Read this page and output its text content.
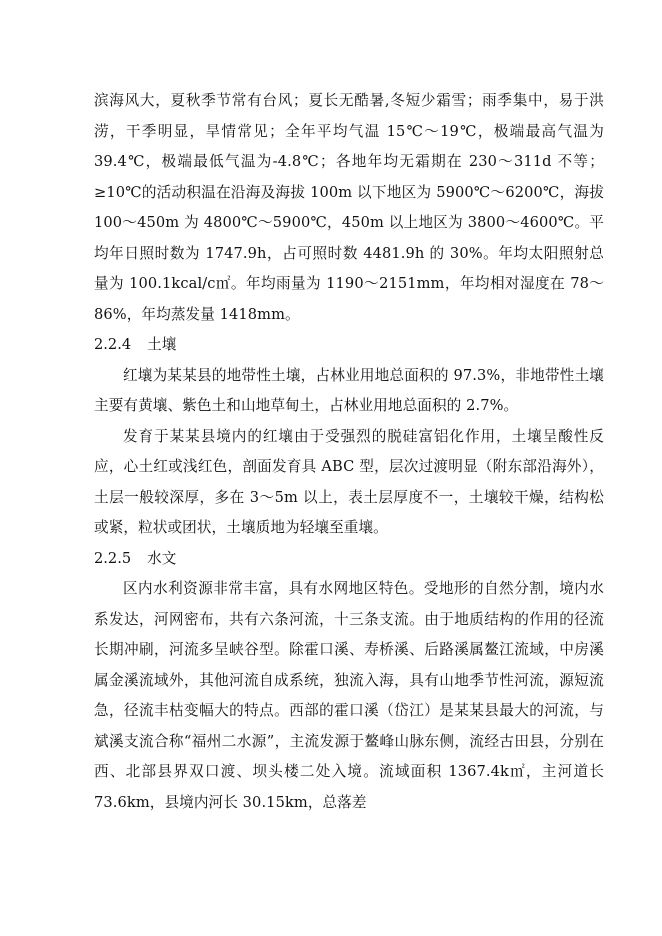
滨海风大，夏秋季节常有台风；夏长无酷暑,冬短少霜雪；雨季集中，易于洪涝，干季明显，旱情常见；全年平均气温 15℃～19℃，极端最高气温为 39.4℃，极端最低气温为-4.8℃；各地年均无霜期在 230～311d 不等；≥10℃的活动积温在沿海及海拔 100m 以下地区为 5900℃～6200℃，海拔 100～450m 为 4800℃～5900℃，450m 以上地区为 3800～4600℃。平均年日照时数为 1747.9h，占可照时数 4481.9h 的 30%。年均太阳照射总量为 100.1kcal/c㎡。年均雨量为 1190～2151mm，年均相对湿度在 78～86%，年均蒸发量 1418mm。

2.2.4 土壤

红壤为某某县的地带性土壤，占林业用地总面积的 97.3%，非地带性土壤主要有黄壤、紫色土和山地草甸土，占林业用地总面积的 2.7%。

发育于某某县境内的红壤由于受强烈的脱硅富铝化作用，土壤呈酸性反应，心土红或浅红色，剖面发育具 ABC 型，层次过渡明显（附东部沿海外），土层一般较深厚，多在 3～5m 以上，表土层厚度不一，土壤较干燥，结构松或紧，粒状或团状，土壤质地为轻壤至重壤。

2.2.5 水文

区内水利资源非常丰富，具有水网地区特色。受地形的自然分割，境内水系发达，河网密布，共有六条河流，十三条支流。由于地质结构的作用的径流长期冲刷，河流多呈峡谷型。除霍口溪、寿桥溪、后路溪属鳌江流域，中房溪属金溪流域外，其他河流自成系统，独流入海，具有山地季节性河流，源短流急，径流丰枯变幅大的特点。西部的霍口溪（岱江）是某某县最大的河流，与斌溪支流合称“福州二水源”，主流发源于鳌峰山脉东侧，流经古田县，分别在西、北部县界双口渡、坝头楼二处入境。流域面积 1367.4k㎡，主河道长 73.6km，县境内河长 30.15km，总落差
